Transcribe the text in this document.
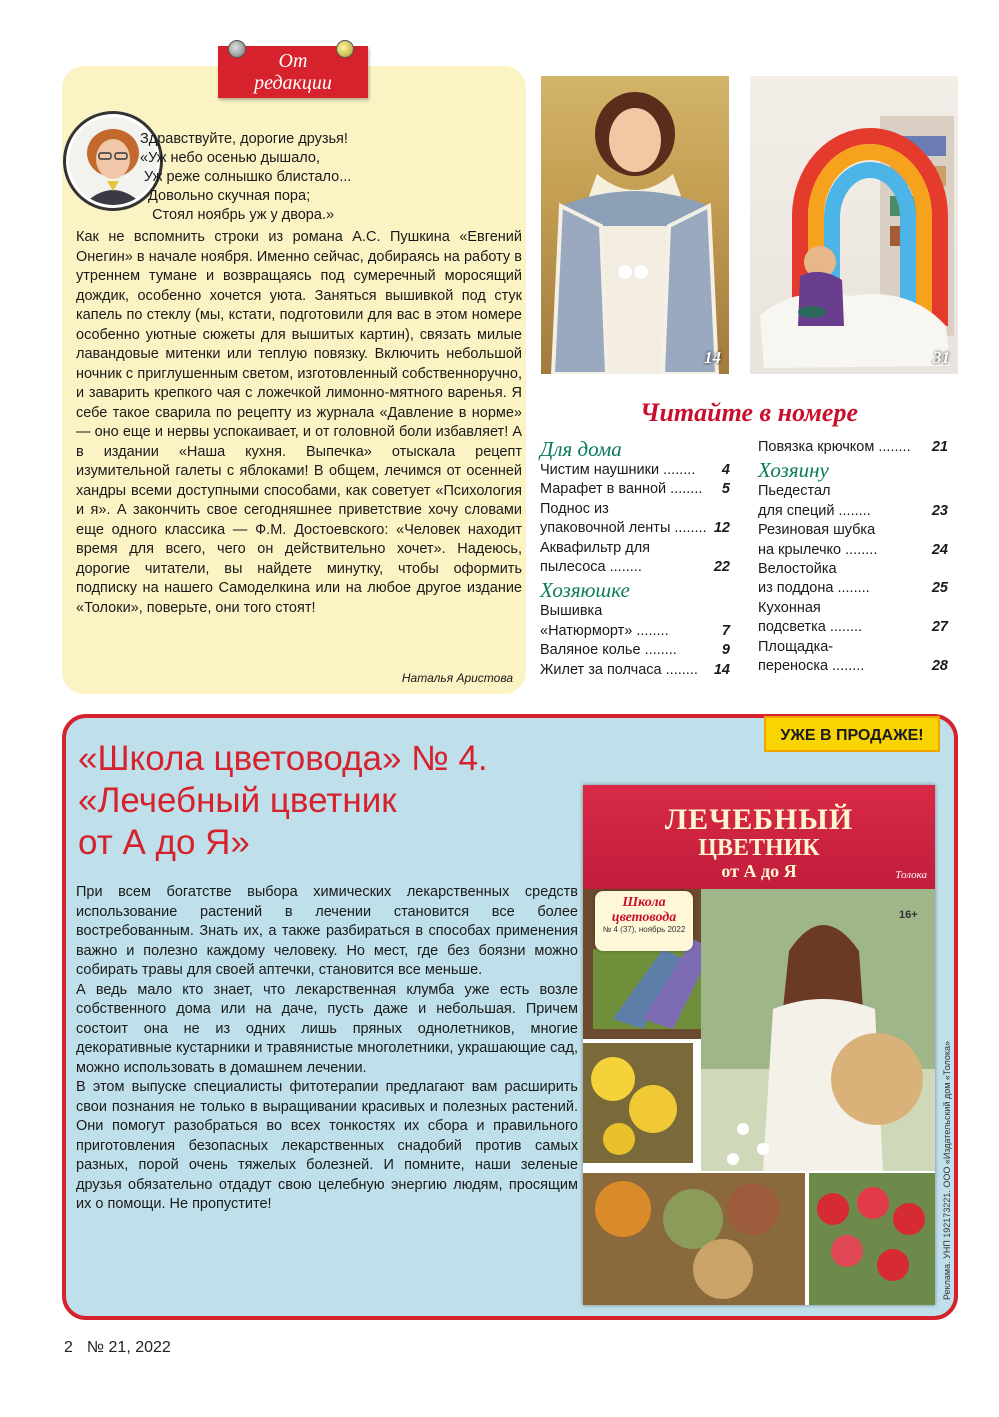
От
редакции
Здравствуйте, дорогие друзья!
«Уж небо осенью дышало,
Уж реже солнышко блистало...
Довольно скучная пора;
Стоял ноябрь уж у двора.»
Как не вспомнить строки из романа А.С. Пушкина «Евгений Онегин» в начале ноября. Именно сейчас, добираясь на работу в утреннем тумане и возвращаясь под сумеречный моросящий дождик, особенно хочется уюта. Заняться вышивкой под стук капель по стеклу (мы, кстати, подготовили для вас в этом номере особенно уютные сюжеты для вышитых картин), связать милые лавандовые митенки или теплую повязку. Включить небольшой ночник с приглушенным светом, изготовленный собственноручно, и заварить крепкого чая с ложечкой лимонно-мятного варенья. Я себе такое сварила по рецепту из журнала «Давление в норме» — оно еще и нервы успокаивает, и от головной боли избавляет! А в издании «Наша кухня. Выпечка» отыскала рецепт изумительной галеты с яблоками! В общем, лечимся от осенней хандры всеми доступными способами, как советует «Психология и я». А закончить свое сегодняшнее приветствие хочу словами еще одного классика — Ф.М. Достоевского: «Человек находит время для всего, чего он действительно хочет». Надеюсь, дорогие читатели, вы найдете минутку, чтобы оформить подписку на нашего Самоделкина или на любое другое издание «Толоки», поверьте, они того стоят!
Наталья Аристова
14	31
Читайте в номере
Для дома
Чистим наушники ........ 4
Марафет в ванной ........ 5
Поднос из
упаковочной ленты ........ 12
Аквафильтр для
пылесоса ........	22
Хозяюшке
Вышивка
«Натюрморт» ........	7
Валяное колье ........	9
Жилет за полчаса ........ 14
Повязка крючком ........ 21
Хозяину
Пьедестал
для специй ........	23
Резиновая шубка
на крылечко ........	24
Велостойка
из поддона ........	25
Кухонная
подсветка ........	27
Площадка-
переноска ........	28
УЖЕ В ПРОДАЖЕ!
«Школа цветовода» № 4.
«Лечебный цветник
от А до Я»
При всем богатстве выбора химических лекарственных средств использование растений в лечении становится все более востребованным. Знать их, а также разбираться в способах применения важно и полезно каждому человеку. Но мест, где без боязни можно собирать травы для своей аптечки, становится все меньше.
А ведь мало кто знает, что лекарственная клумба уже есть возле собственного дома или на даче, пусть даже и небольшая. Причем состоит она не из одних лишь пряных однолетников, многие декоративные кустарники и травянистые многолетники, украшающие сад, можно использовать в домашнем лечении.
В этом выпуске специалисты фитотерапии предлагают вам расширить свои познания не только в выращивании красивых и полезных растений. Они помогут разобраться во всех тонкостях их сбора и правильного приготовления безопасных лекарственных снадобий против самых разных, порой очень тяжелых болезней. И помните, наши зеленые друзья обязательно отдадут свою целебную энергию людям, просящим их о помощи. Не пропустите!
ЛЕЧЕБНЫЙ
ЦВЕТНИК
от А до Я	Толока
Школа цветовода
№ 4 (37), ноябрь 2022
16+
Реклама. УНП 192173221. ООО «Издательский дом «Толока»
2 № 21, 2022
